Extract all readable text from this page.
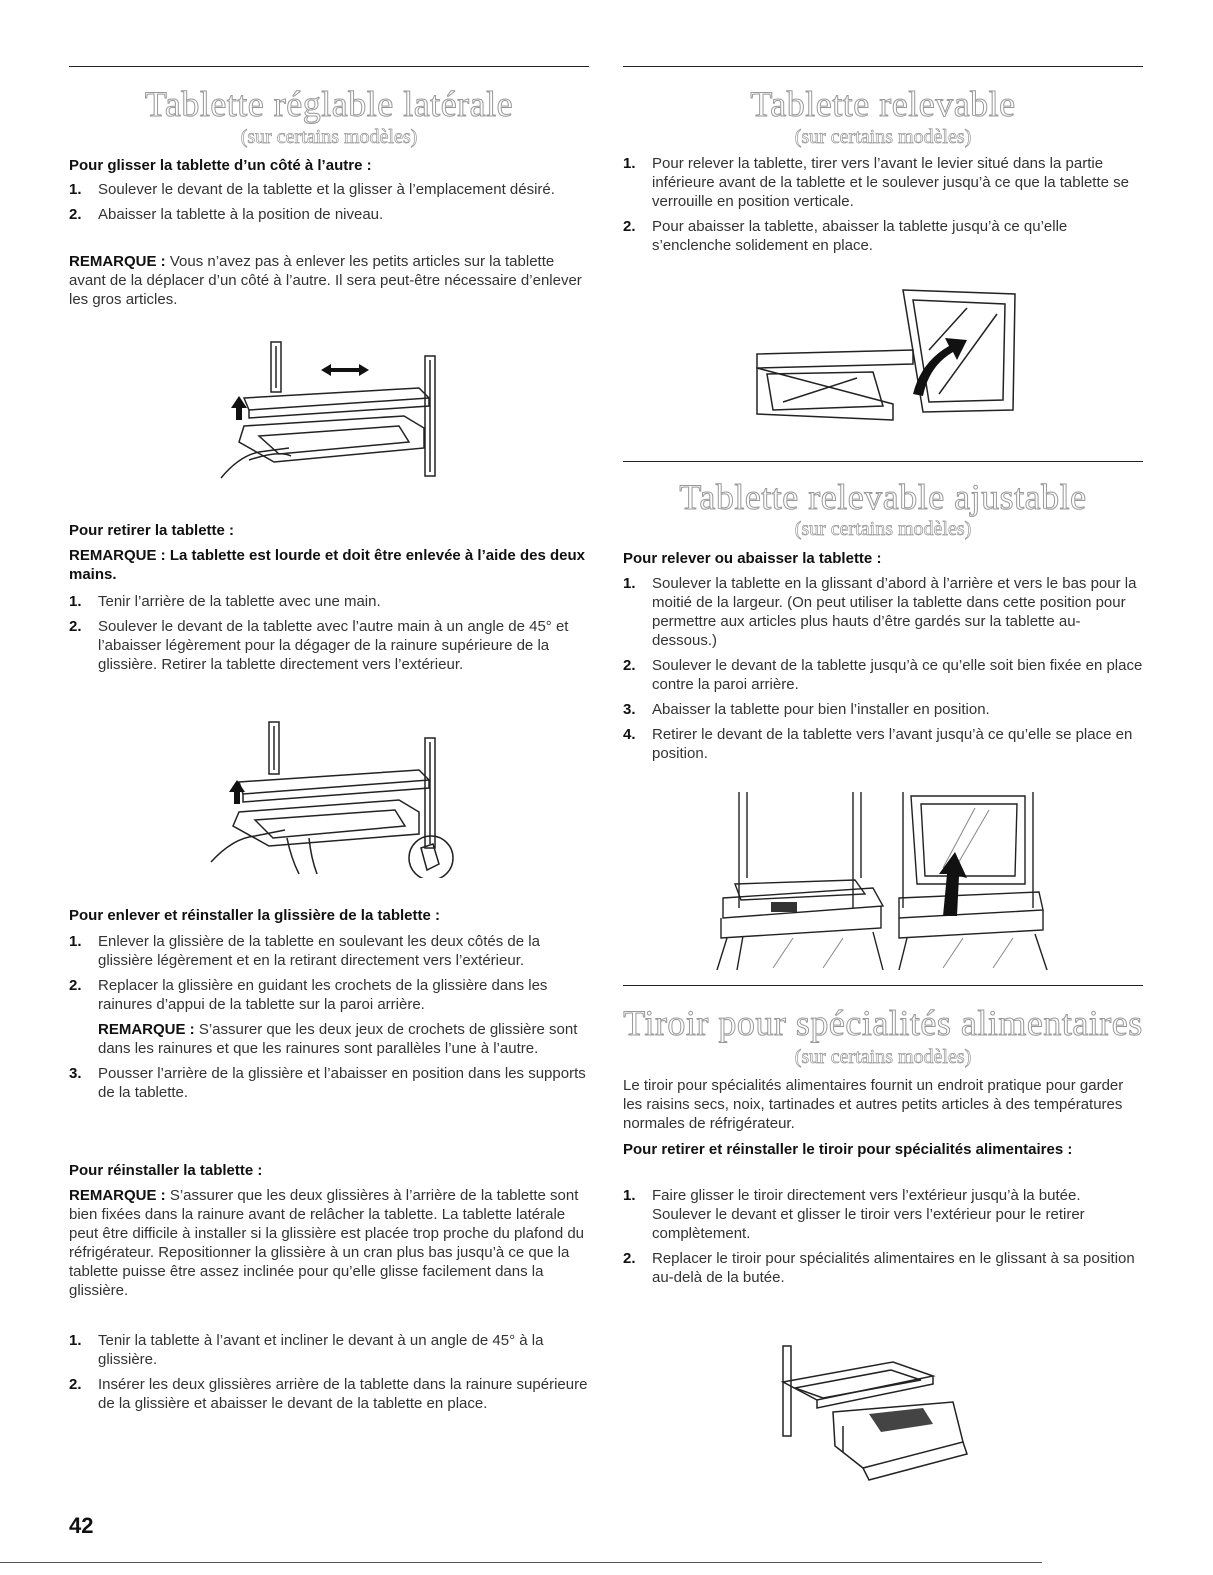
Tablette réglable latérale
(sur certains modèles)
Pour glisser la tablette d’un côté à l’autre :
1. Soulever le devant de la tablette et la glisser à l’emplacement désiré.
2. Abaisser la tablette à la position de niveau.
REMARQUE : Vous n’avez pas à enlever les petits articles sur la tablette avant de la déplacer d’un côté à l’autre. Il sera peut-être nécessaire d’enlever les gros articles.
Pour retirer la tablette :
REMARQUE : La tablette est lourde et doit être enlevée à l’aide des deux mains.
1. Tenir l’arrière de la tablette avec une main.
2. Soulever le devant de la tablette avec l’autre main à un angle de 45° et l’abaisser légèrement pour la dégager de la rainure supérieure de la glissière. Retirer la tablette directement vers l’extérieur.
Pour enlever et réinstaller la glissière de la tablette :
1. Enlever la glissière de la tablette en soulevant les deux côtés de la glissière légèrement et en la retirant directement vers l’extérieur.
2. Replacer la glissière en guidant les crochets de la glissière dans les rainures d’appui de la tablette sur la paroi arrière.
REMARQUE : S’assurer que les deux jeux de crochets de glissière sont dans les rainures et que les rainures sont parallèles l’une à l’autre.
3. Pousser l’arrière de la glissière et l’abaisser en position dans les supports de la tablette.
Pour réinstaller la tablette :
REMARQUE : S’assurer que les deux glissières à l’arrière de la tablette sont bien fixées dans la rainure avant de relâcher la tablette. La tablette latérale peut être difficile à installer si la glissière est placée trop proche du plafond du réfrigérateur. Repositionner la glissière à un cran plus bas jusqu’à ce que la tablette puisse être assez inclinée pour qu’elle glisse facilement dans la glissière.
1. Tenir la tablette à l’avant et incliner le devant à un angle de 45° à la glissière.
2. Insérer les deux glissières arrière de la tablette dans la rainure supérieure de la glissière et abaisser le devant de la tablette en place.
Tablette relevable
(sur certains modèles)
1. Pour relever la tablette, tirer vers l’avant le levier situé dans la partie inférieure avant de la tablette et le soulever jusqu’à ce que la tablette se verrouille en position verticale.
2. Pour abaisser la tablette, abaisser la tablette jusqu’à ce qu’elle s’enclenche solidement en place.
Tablette relevable ajustable
(sur certains modèles)
Pour relever ou abaisser la tablette :
1. Soulever la tablette en la glissant d’abord à l’arrière et vers le bas pour la moitié de la largeur. (On peut utiliser la tablette dans cette position pour permettre aux articles plus hauts d’être gardés sur la tablette au-dessous.)
2. Soulever le devant de la tablette jusqu’à ce qu’elle soit bien fixée en place contre la paroi arrière.
3. Abaisser la tablette pour bien l’installer en position.
4. Retirer le devant de la tablette vers l’avant jusqu’à ce qu’elle se place en position.
Tiroir pour spécialités alimentaires
(sur certains modèles)
Le tiroir pour spécialités alimentaires fournit un endroit pratique pour garder les raisins secs, noix, tartinades et autres petits articles à des températures normales de réfrigérateur.
Pour retirer et réinstaller le tiroir pour spécialités alimentaires :
1. Faire glisser le tiroir directement vers l’extérieur jusqu’à la butée. Soulever le devant et glisser le tiroir vers l’extérieur pour le retirer complètement.
2. Replacer le tiroir pour spécialités alimentaires en le glissant à sa position au-delà de la butée.
42
